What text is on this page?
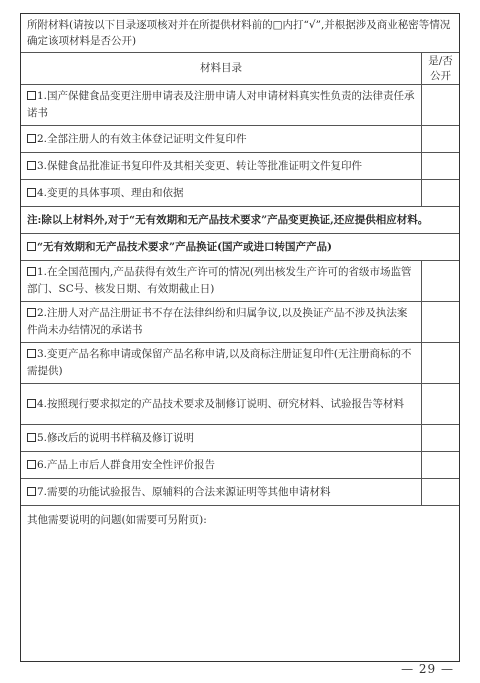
所附材料(请按以下目录逐项核对并在所提供材料前的□内打“√”,并根据涉及商业秘密等情况确定该项材料是否公开)
材料目录
是/否
公开
1.国产保健食品变更注册申请表及注册申请人对申请材料真实性负责的法律责任承诺书
2.全部注册人的有效主体登记证明文件复印件
3.保健食品批准证书复印件及其相关变更、转让等批准证明文件复印件
4.变更的具体事项、理由和依据
注:除以上材料外,对于“无有效期和无产品技术要求”产品变更换证,还应提供相应材料。
“无有效期和无产品技术要求”产品换证(国产或进口转国产产品)
1.在全国范围内,产品获得有效生产许可的情况(列出核发生产许可的省级市场监管部门、SC号、核发日期、有效期截止日)
2.注册人对产品注册证书不存在法律纠纷和归属争议,以及换证产品不涉及执法案件尚未办结情况的承诺书
3.变更产品名称申请或保留产品名称申请,以及商标注册证复印件(无注册商标的不需提供)
4.按照现行要求拟定的产品技术要求及制修订说明、研究材料、试验报告等材料
5.修改后的说明书样稿及修订说明
6.产品上市后人群食用安全性评价报告
7.需要的功能试验报告、原辅料的合法来源证明等其他申请材料
其他需要说明的问题(如需要可另附页):
— 29 —
